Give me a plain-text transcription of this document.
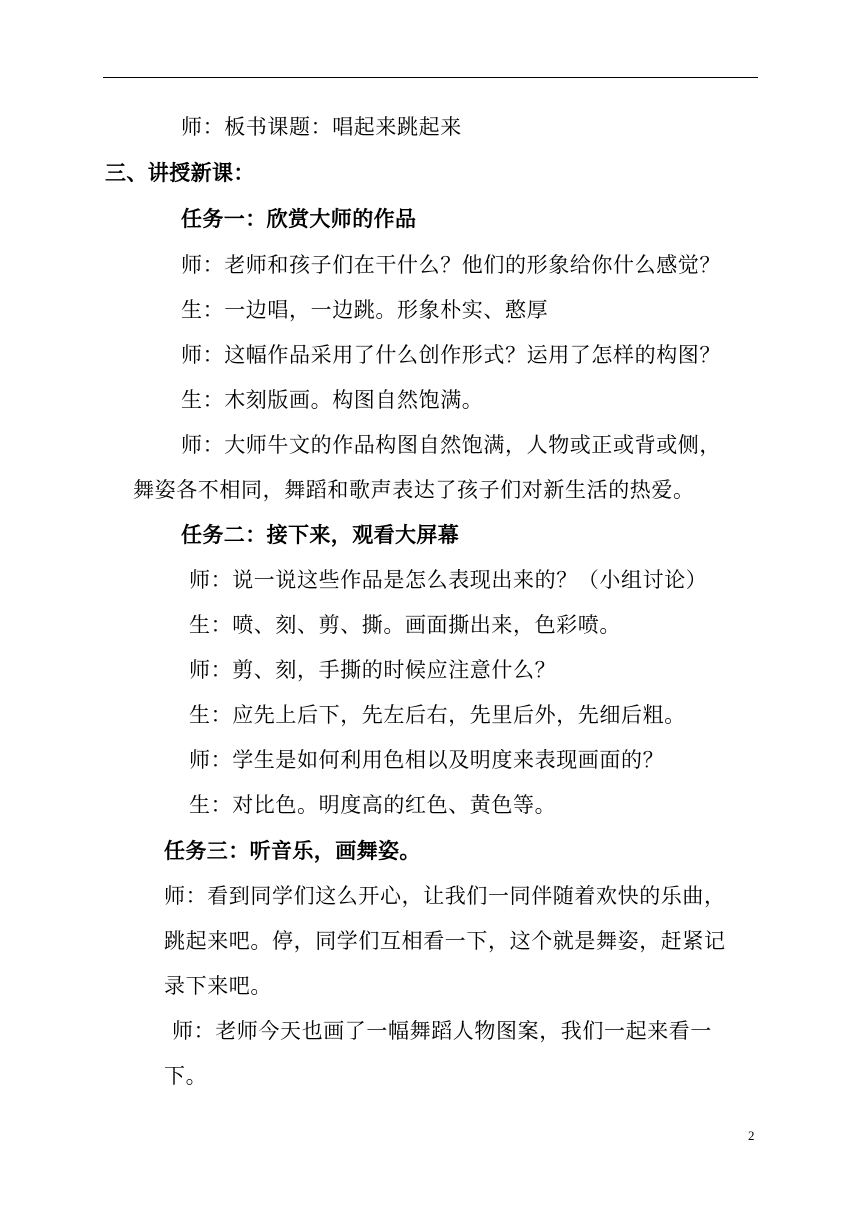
师：板书课题：唱起来跳起来
三、讲授新课：
任务一：欣赏大师的作品
师：老师和孩子们在干什么？他们的形象给你什么感觉？
生：一边唱，一边跳。形象朴实、憨厚
师：这幅作品采用了什么创作形式？运用了怎样的构图？
生：木刻版画。构图自然饱满。
师：大师牛文的作品构图自然饱满，人物或正或背或侧，
舞姿各不相同，舞蹈和歌声表达了孩子们对新生活的热爱。
任务二：接下来，观看大屏幕
师：说一说这些作品是怎么表现出来的？（小组讨论）
生：喷、刻、剪、撕。画面撕出来，色彩喷。
师：剪、刻，手撕的时候应注意什么？
生：应先上后下，先左后右，先里后外，先细后粗。
师：学生是如何利用色相以及明度来表现画面的？
生：对比色。明度高的红色、黄色等。
任务三：听音乐，画舞姿。
师：看到同学们这么开心，让我们一同伴随着欢快的乐曲，
跳起来吧。停，同学们互相看一下，这个就是舞姿，赶紧记
录下来吧。
师：老师今天也画了一幅舞蹈人物图案，我们一起来看一
下。
2
